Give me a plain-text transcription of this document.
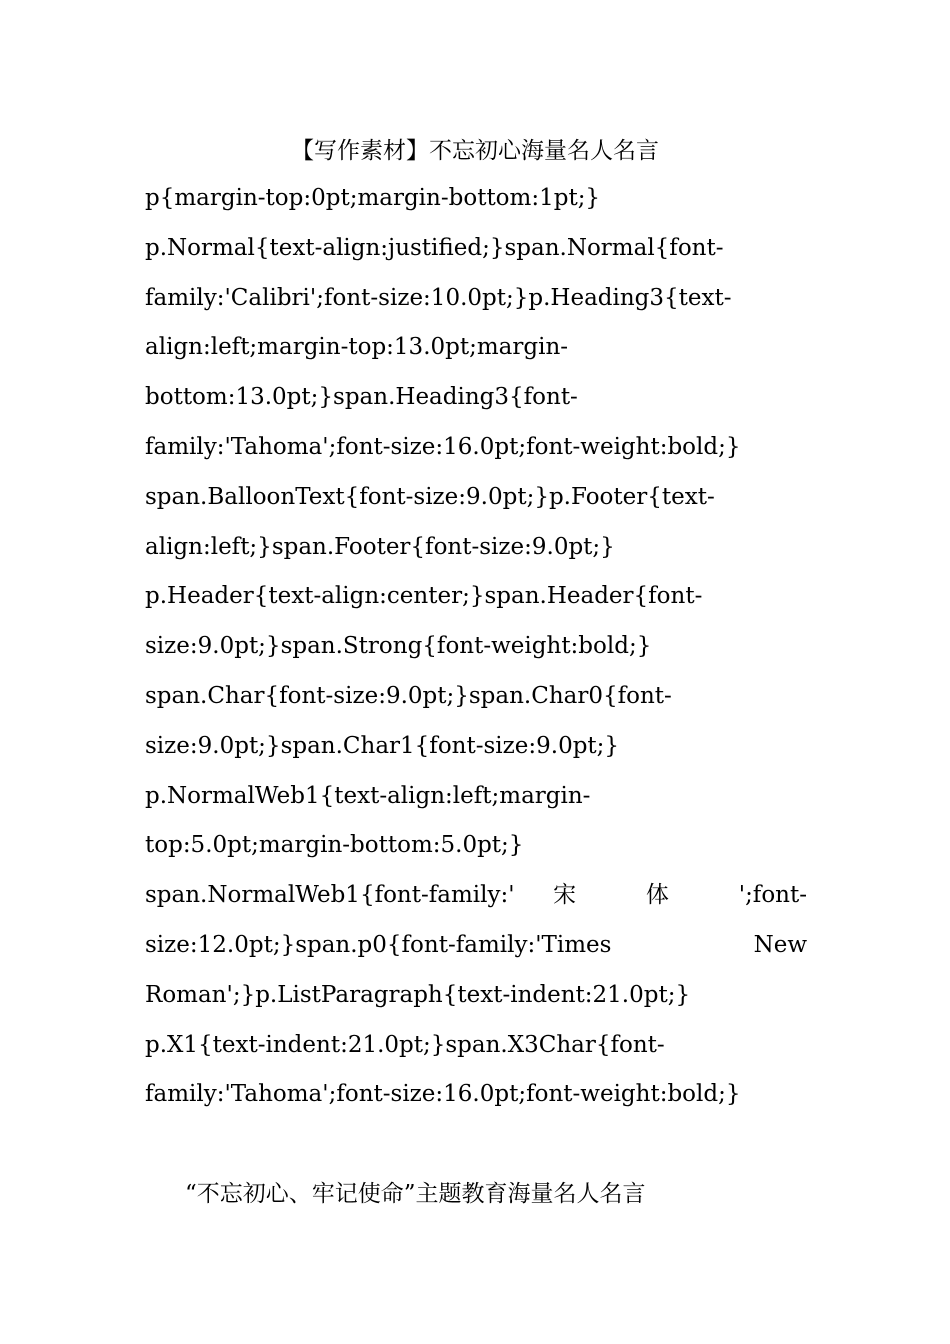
【写作素材】不忘初心海量名人名言

p{margin-top:0pt;margin-bottom:1pt;}
p.Normal{text-align:justified;}span.Normal{font-
family:'Calibri';font-size:10.0pt;}p.Heading3{text-
align:left;margin-top:13.0pt;margin-
bottom:13.0pt;}span.Heading3{font-
family:'Tahoma';font-size:16.0pt;font-weight:bold;}
span.BalloonText{font-size:9.0pt;}p.Footer{text-
align:left;}span.Footer{font-size:9.0pt;}
p.Header{text-align:center;}span.Header{font-
size:9.0pt;}span.Strong{font-weight:bold;}
span.Char{font-size:9.0pt;}span.Char0{font-
size:9.0pt;}span.Char1{font-size:9.0pt;}
p.NormalWeb1{text-align:left;margin-
top:5.0pt;margin-bottom:5.0pt;}
span.NormalWeb1{font-family:' 宋 体 ';font-
size:12.0pt;}span.p0{font-family:'Times New
Roman';}p.ListParagraph{text-indent:21.0pt;}
p.X1{text-indent:21.0pt;}span.X3Char{font-
family:'Tahoma';font-size:16.0pt;font-weight:bold;}

“不忘初心、牢记使命”主题教育海量名人名言
